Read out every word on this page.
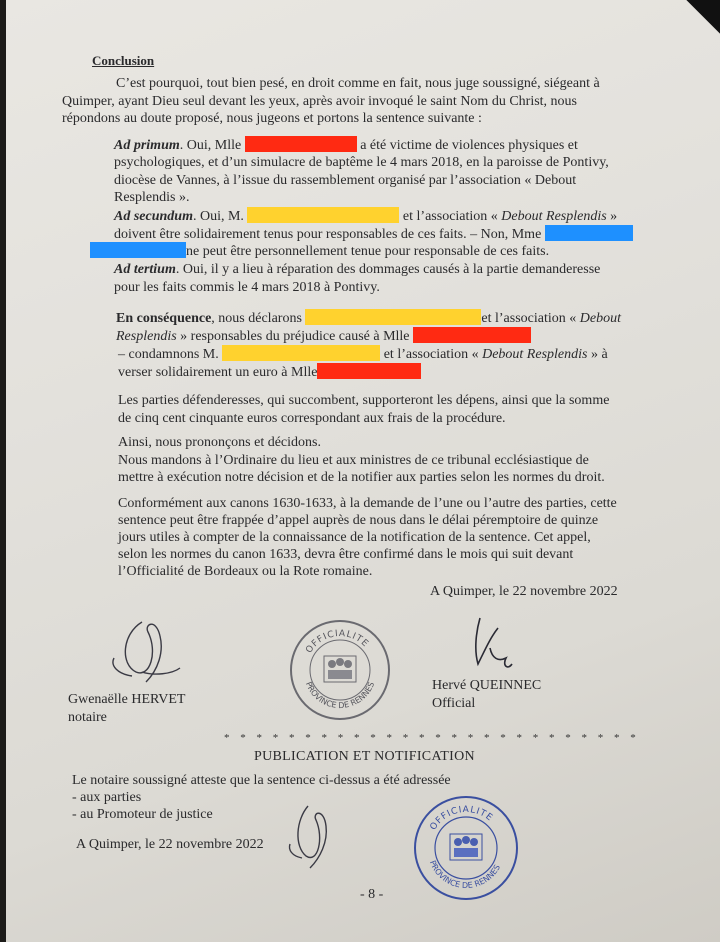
Conclusion
C’est pourquoi, tout bien pesé, en droit comme en fait, nous juge soussigné, siégeant à
Quimper, ayant Dieu seul devant les yeux, après avoir invoqué le saint Nom du Christ, nous
répondons au doute proposé, nous jugeons et portons la sentence suivante :
Ad primum. Oui, Mlle	a été victime de violences physiques et
psychologiques, et d’un simulacre de baptême le 4 mars 2018, en la paroisse de Pontivy,
diocèse de Vannes, à l’issue du rassemblement organisé par l’association « Debout
Resplendis ».
Ad secundum. Oui, M.	et l’association « Debout Resplendis »
doivent être solidairement tenus pour responsables de ces faits. – Non, Mme
ne peut être personnellement tenue pour responsable de ces faits.
Ad tertium. Oui, il y a lieu à réparation des dommages causés à la partie demanderesse
pour les faits commis le 4 mars 2018 à Pontivy.
En conséquence, nous déclarons	et l’association « Debout
Resplendis » responsables du préjudice causé à Mlle
– condamnons M.	et l’association « Debout Resplendis » à
verser solidairement un euro à Mlle
Les parties défenderesses, qui succombent, supporteront les dépens, ainsi que la somme
de cinq cent cinquante euros correspondant aux frais de la procédure.
Ainsi, nous prononçons et décidons.
Nous mandons à l’Ordinaire du lieu et aux ministres de ce tribunal ecclésiastique de
mettre à exécution notre décision et de la notifier aux parties selon les normes du droit.
Conformément aux canons 1630-1633, à la demande de l’une ou l’autre des parties, cette
sentence peut être frappée d’appel auprès de nous dans le délai péremptoire de quinze
jours utiles à compter de la connaissance de la notification de la sentence. Cet appel,
selon les normes du canon 1633, devra être confirmé dans le mois qui suit devant
l’Officialité de Bordeaux ou la Rote romaine.
A Quimper, le 22 novembre 2022
OFFICIALITE
PROVINCE DE RENNES
Gwenaëlle HERVET
notaire
Hervé QUEINNEC
Official
* * * * * * * * * * * * * * * * * * * * * * * * * *
PUBLICATION ET NOTIFICATION
Le notaire soussigné atteste que la sentence ci-dessus a été adressée
- aux parties
- au Promoteur de justice
A Quimper, le 22 novembre 2022
OFFICIALITE
PROVINCE DE RENNES
- 8 -
